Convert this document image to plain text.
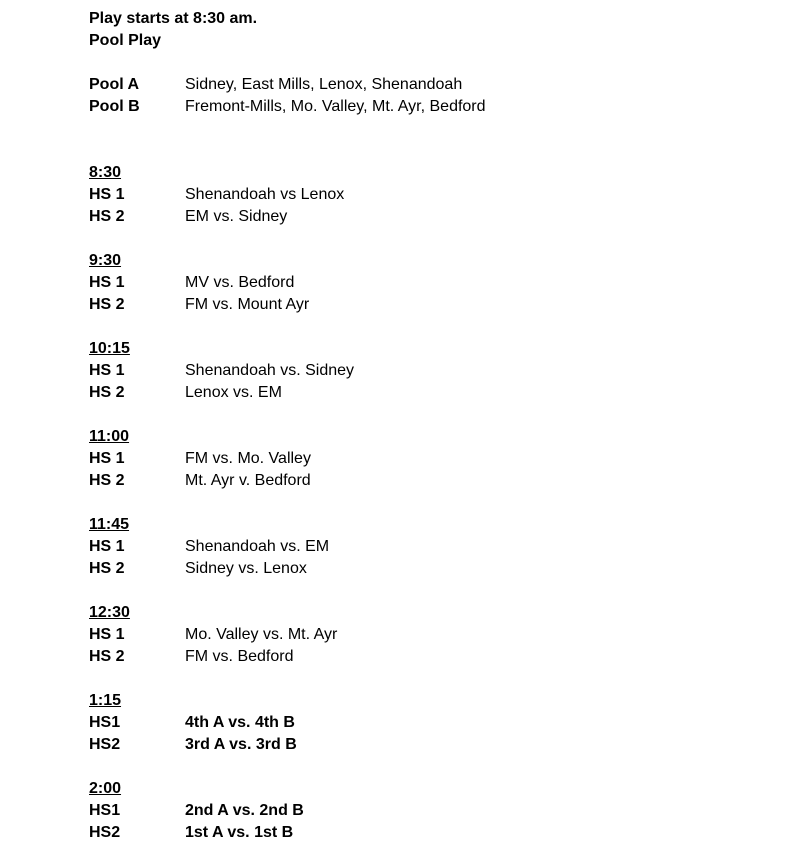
Play starts at 8:30 am.
Pool Play
Pool A	Sidney, East Mills, Lenox, Shenandoah
Pool B	Fremont-Mills, Mo. Valley, Mt. Ayr, Bedford
8:30
HS 1	Shenandoah vs Lenox
HS 2	EM vs. Sidney
9:30
HS 1	MV vs. Bedford
HS 2	FM vs. Mount Ayr
10:15
HS 1	Shenandoah vs. Sidney
HS 2	Lenox vs. EM
11:00
HS 1	FM vs. Mo. Valley
HS 2	Mt. Ayr v. Bedford
11:45
HS 1	Shenandoah vs. EM
HS 2	Sidney vs. Lenox
12:30
HS 1	Mo. Valley vs. Mt. Ayr
HS 2	FM vs. Bedford
1:15
HS1	4th A vs. 4th B
HS2	3rd A vs. 3rd B
2:00
HS1	2nd A vs. 2nd B
HS2	1st A vs. 1st B
